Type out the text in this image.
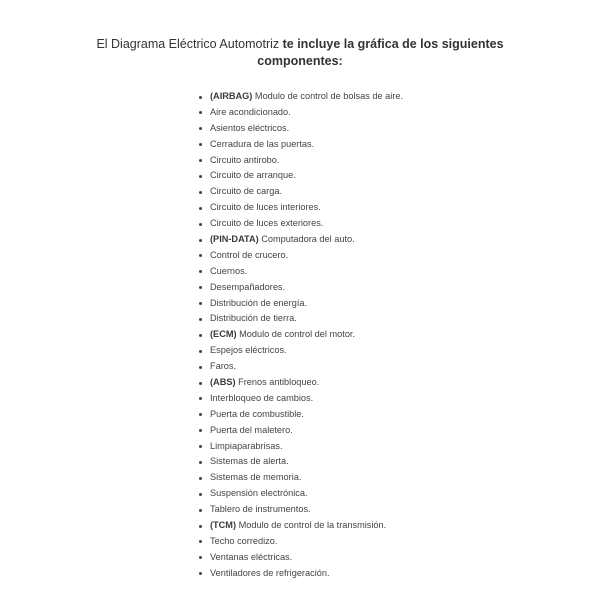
El Diagrama Eléctrico Automotriz te incluye la gráfica de los siguientes
componentes:
(AIRBAG) Modulo de control de bolsas de aire.
Aire acondicionado.
Asientos eléctricos.
Cerradura de las puertas.
Circuito antirobo.
Circuito de arranque.
Circuito de carga.
Circuito de luces interiores.
Circuito de luces exteriores.
(PIN-DATA) Computadora del auto.
Control de crucero.
Cuernos.
Desempañadores.
Distribución de energía.
Distribución de tierra.
(ECM) Modulo de control del motor.
Espejos eléctricos.
Faros.
(ABS) Frenos antibloqueo.
Interbloqueo de cambios.
Puerta de combustible.
Puerta del maletero.
Limpiaparabrisas.
Sistemas de alerta.
Sistemas de memoria.
Suspensión electrónica.
Tablero de instrumentos.
(TCM) Modulo de control de la transmisión.
Techo corredizo.
Ventanas eléctricas.
Ventiladores de refrigeración.
